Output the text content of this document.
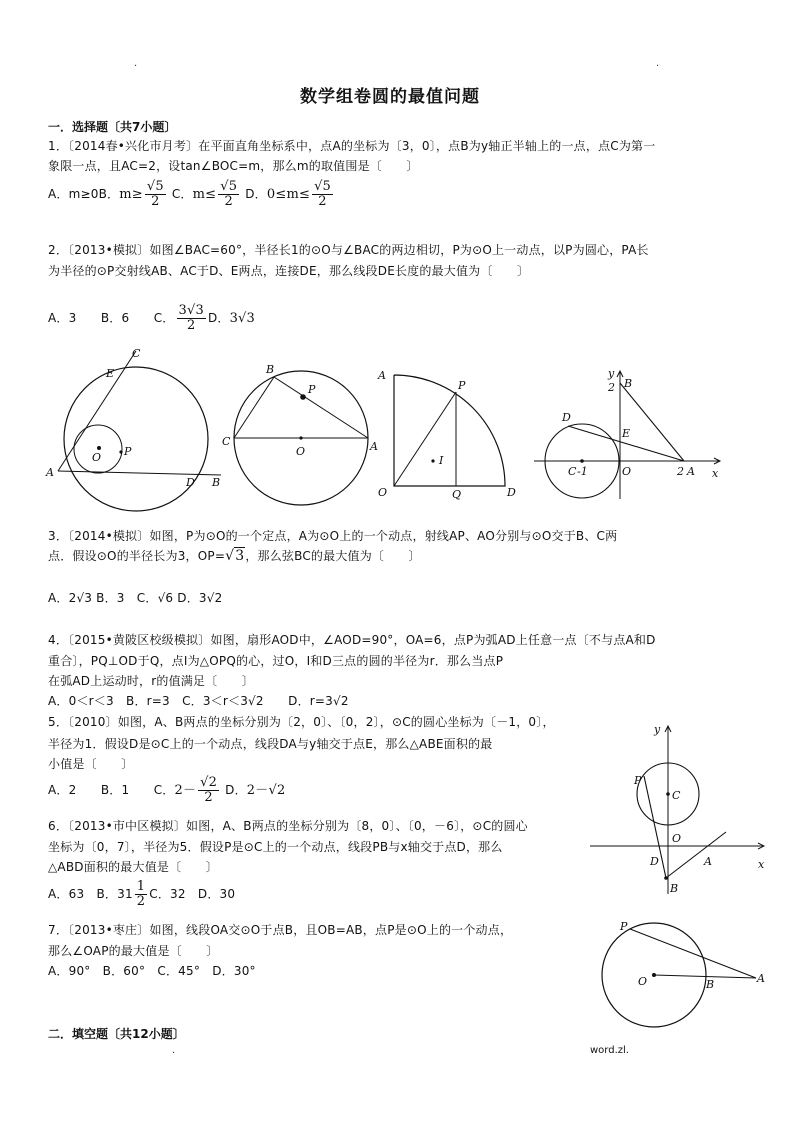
.	.
数学组卷圆的最值问题
一．选择题〔共7小题〕
1．〔2014春•兴化市月考〕在平面直角坐标系中，点A的坐标为〔3，0〕，点B为y轴正半轴上的一点，点C为第一
象限一点，且AC=2，设tan∠BOC=m，那么m的取值围是〔　　〕
A．m≥0B．$m\ge \frac{√5}{2}$ C．$m\le \frac{√5}{2}$ D．$0\le m\le \frac{√5}{2}$
2．〔2013•模拟〕如图∠BAC=60°，半径长1的⊙O与∠BAC的两边相切，P为⊙O上一动点，以P为圆心，PA长
为半径的⊙P交射线AB、AC于D、E两点，连接DE，那么线段DE长度的最大值为〔　　〕
A．3　　B．6　　C． $\frac{3√3}{2}$ D．3√3
C
E
O P
A
D B
B
P
C
O	A
A
P
I
O	Q	D
y
B
2
D
E
C -1	O	2 A x
3．〔2014•模拟〕如图，P为⊙O的一个定点，A为⊙O上的一个动点，射线AP、AO分别与⊙O交于B、C两
点．假设⊙O的半径长为3，OP=√3，那么弦BC的最大值为〔　　〕
A．2√3 B．3　C．√6 D．3√2
4．〔2015•黄陂区校级模拟〕如图，扇形AOD中，∠AOD=90°，OA=6，点P为弧AD上任意一点〔不与点A和D
重合〕，PQ⊥OD于Q，点I为△OPQ的心，过O，I和D三点的圆的半径为r．那么当点P
在弧AD上运动时，r的值满足〔　　〕
A．0＜r＜3　B．r=3　C．3＜r＜3√2　　D．r=3√2
5．〔2010〕如图，A、B两点的坐标分别为〔2，0〕、〔0，2〕，⊙C的圆心坐标为〔－1，0〕，
半径为1．假设D是⊙C上的一个动点，线段DA与y轴交于点E，那么△ABE面积的最
小值是〔　　〕
A．2　　B．1　　C．$2- \frac{√2}{2}$ D．2－√2
y
P
C
O
D	A
B
x
6．〔2013•市中区模拟〕如图，A、B两点的坐标分别为〔8，0〕、〔0，－6〕，⊙C的圆心
坐标为〔0，7〕，半径为5．假设P是⊙C上的一个动点，线段PB与x轴交于点D，那么
△ABD面积的最大值是〔　　〕
A．63　B．$31 \frac{1}{2}$ C．32　D．30
7．〔2013•枣庄〕如图，线段OA交⊙O于点B，且OB=AB，点P是⊙O上的一个动点，
那么∠OAP的最大值是〔　　〕
A．90°　B．60°　C．45°　D．30°
P
O	B	A
二．填空题〔共12小题〕
word.zl.
.
